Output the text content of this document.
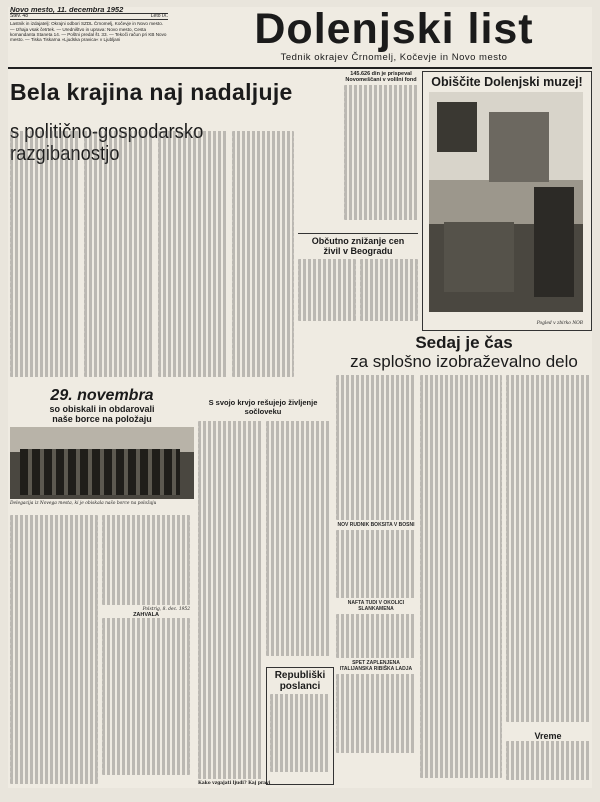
Novo mesto, 11. decembra 1952
Štev. 48	Leto IX.
Lastnik in izdajatelj: Okrajni odbori SZDL Črnomelj, Kočevje in Novo mesto. — Izhaja vsak četrtek. — Uredništvo in uprava: Novo mesto, Cesta komandanta Staneta 14. — Poštni predal št. 33. — Tekoči račun pri KB Novo mesto. — Tiska Tiskarna »Ljudska pravica« v Ljubljani	Dolenjski list
Tednik okrajev Črnomelj, Kočevje in Novo mesto
Bela krajina naj nadaljuje
s politično-gospodarsko razgibanostjo
145.626 din je prispeval Novomeščani v volilni fond	Obiščite Dolenjski muzej!
Pogled v zbirko NOB
Občutno znižanje cen
živil v Beogradu
Sedaj je čas
za splošno izobraževalno delo
29. novembra
so obiskali in obdarovali
naše borce na položaju
Delegacija iz Novega mesta, ki je obiskala našo borce na položaju
Polstrig, 8. dec. 1952
ZAHVALA
S svojo krvjo rešujejo življenje
sočloveku
Republiški
poslanci
NOV RUDNIK BOKSITA V BOSNI
NAFTA TUDI V OKOLICI SLANKAMENA
SPET ZAPLENJENA ITALIJANSKA RIBIŠKA LADJA
Vreme
Kako vzgajati ljudi? Kaj pravi
